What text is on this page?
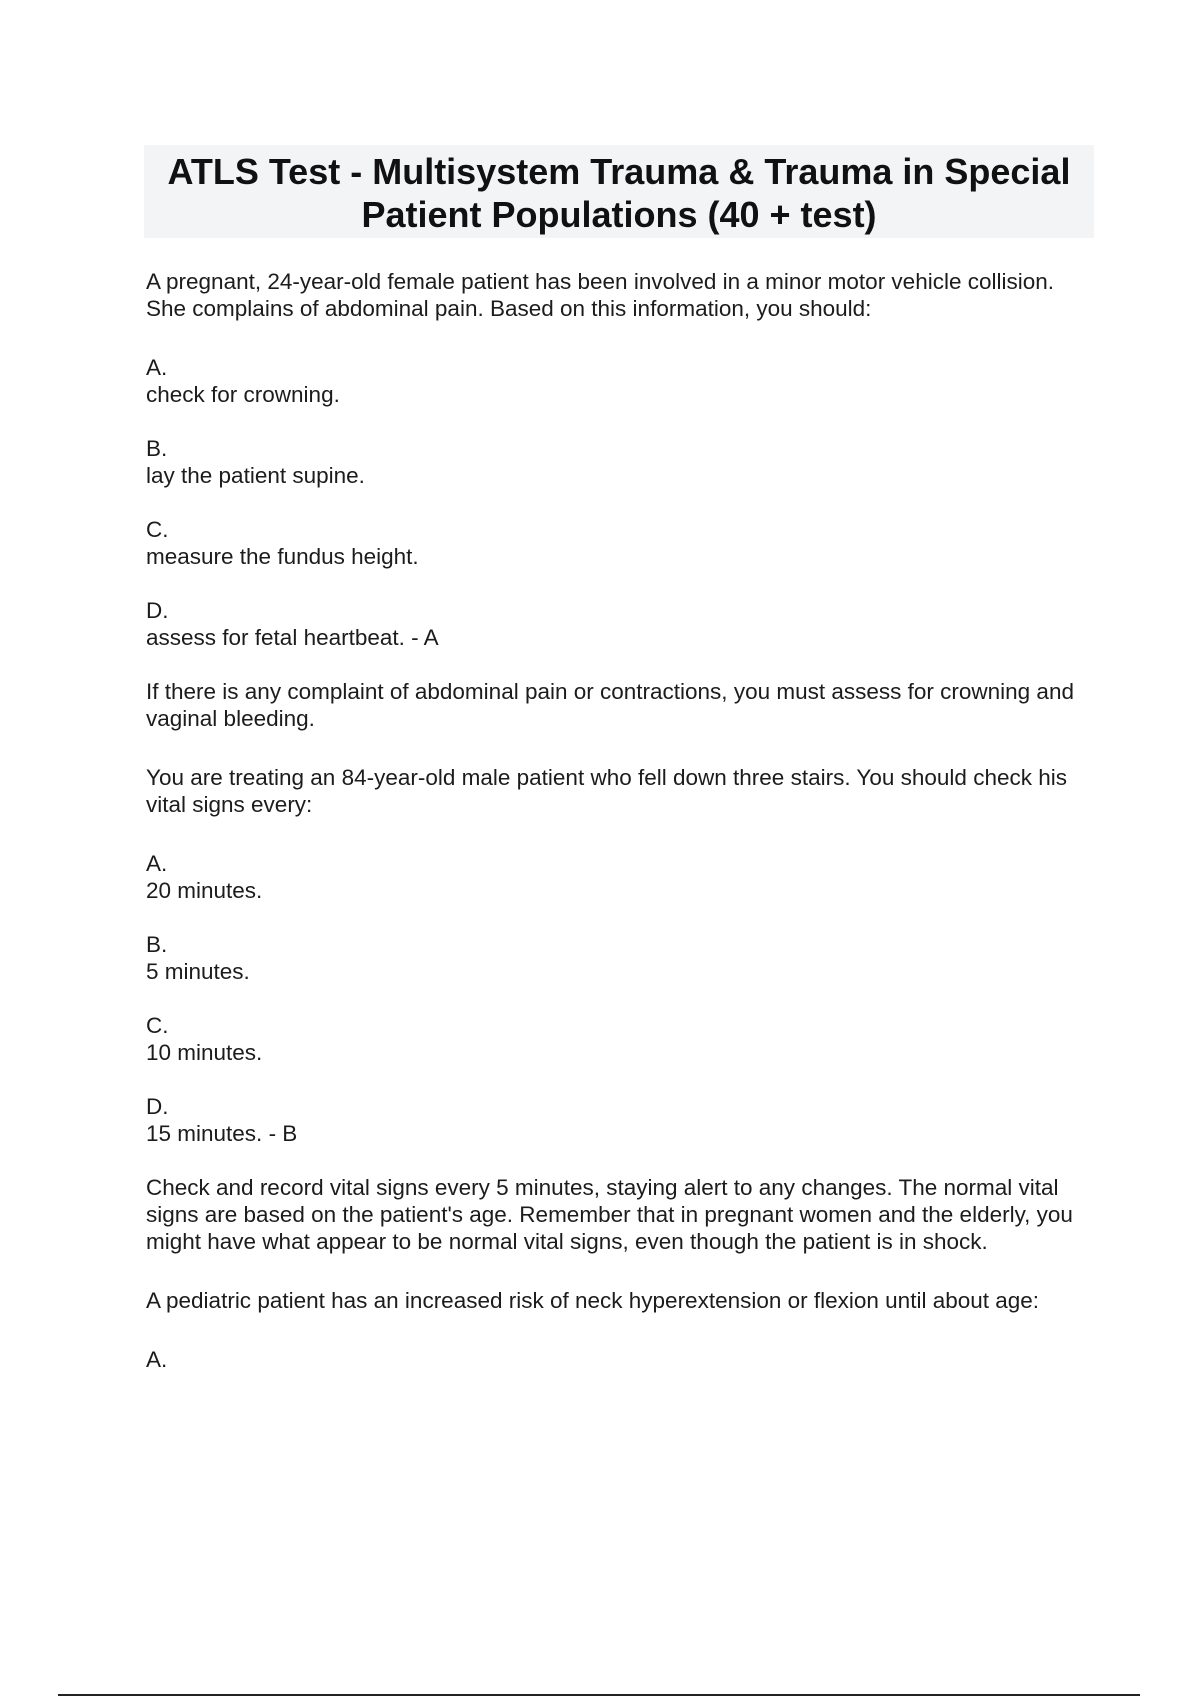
ATLS Test - Multisystem Trauma & Trauma in Special Patient Populations (40 + test)

A pregnant, 24-year-old female patient has been involved in a minor motor vehicle collision. She complains of abdominal pain. Based on this information, you should:

A.

check for crowning.

B.

lay the patient supine.

C.

measure the fundus height.

D.

assess for fetal heartbeat. - A

If there is any complaint of abdominal pain or contractions, you must assess for crowning and vaginal bleeding.

You are treating an 84-year-old male patient who fell down three stairs. You should check his vital signs every:

A.

20 minutes.

B.

5 minutes.

C.

10 minutes.

D.

15 minutes. - B

Check and record vital signs every 5 minutes, staying alert to any changes. The normal vital signs are based on the patient's age. Remember that in pregnant women and the elderly, you might have what appear to be normal vital signs, even though the patient is in shock.

A pediatric patient has an increased risk of neck hyperextension or flexion until about age:

A.
